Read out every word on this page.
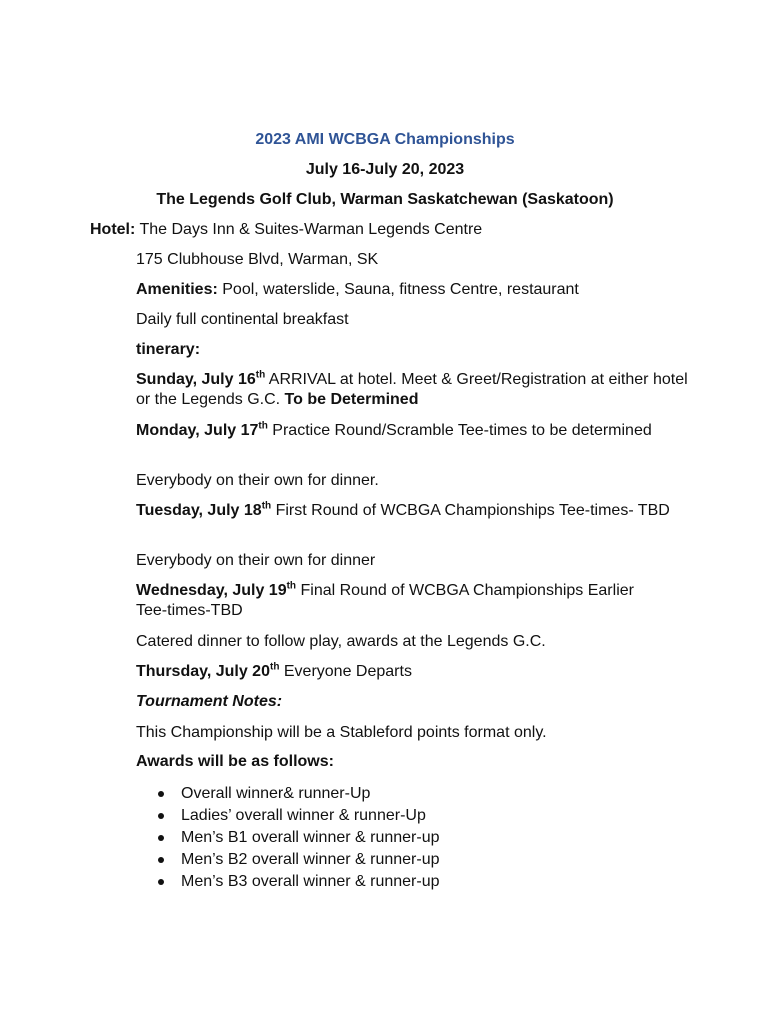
2023 AMI WCBGA Championships
July 16-July 20, 2023
The Legends Golf Club, Warman Saskatchewan (Saskatoon)
Hotel: The Days Inn & Suites-Warman Legends Centre
175 Clubhouse Blvd, Warman, SK
Amenities: Pool, waterslide, Sauna, fitness Centre, restaurant
Daily full continental breakfast
tinerary:
Sunday, July 16th ARRIVAL at hotel. Meet & Greet/Registration at either hotel or the Legends G.C. To be Determined
Monday, July 17th Practice Round/Scramble Tee-times to be determined
Everybody on their own for dinner.
Tuesday, July 18th First Round of WCBGA Championships Tee-times- TBD
Everybody on their own for dinner
Wednesday, July 19th Final Round of WCBGA Championships Earlier Tee-times-TBD
Catered dinner to follow play, awards at the Legends G.C.
Thursday, July 20th Everyone Departs
Tournament Notes:
This Championship will be a Stableford points format only.
Awards will be as follows:
Overall winner& runner-Up
Ladies’ overall winner & runner-Up
Men’s B1 overall winner & runner-up
Men’s B2 overall winner & runner-up
Men’s B3 overall winner & runner-up
